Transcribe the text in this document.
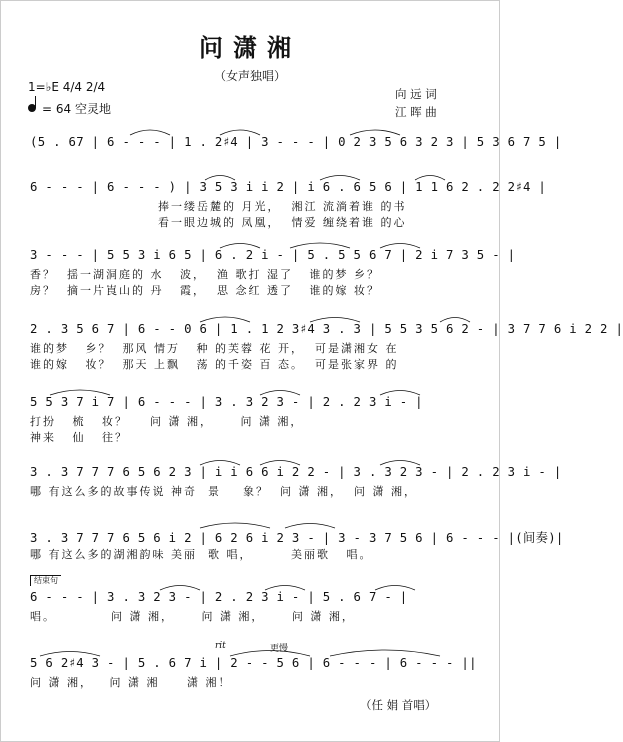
问潇湘
（女声独唱）
向 远 词
江 晖 曲
1=♭E 4/4 2/4
= 64 空灵地
(5 . 67 | 6 - - - | 1 . 2♯4 | 3 - - - | 0 2 3 5 6 3 2 3 | 5 3 6 7 5 |
6 - - - | 6 - - - ) | 3 5 3 i i 2 | i 6 . 6 5 6 | 1 1 6 2 . 2 2♯4 |
捧一缕岳麓的 月光，  湘江 流淌着谁 的书
看一眼边城的 凤凰，  情爱 缠绕着谁 的心
3 - - - | 5 5 3 i 6 5 | 6 . 2 i - | 5 . 5 5 6 7 | 2 i 7 3 5 - |
香？  揺一湖洞庭的 水   波，  渔 歌打 湿了   谁的梦 乡？
房？  摘一片崀山的 丹   霞，  思 念红 透了   谁的嫁 妆？
2 . 3 5 6 7 | 6 - - 0 6 | 1 . 1 2 3♯4 3 . 3 | 5 5 3 5 6 2 - | 3 7 7 6 i 2 2 |
谁的梦   乡？  那风 情万   种 的芙蓉 花 开，  可是潇湘女 在
谁的嫁   妆？  那天 上飘   荡 的千姿 百 态。  可是张家界 的
5 5 3 7 i 7 | 6 - - - | 3 . 3 2 3 - | 2 . 2 3 i - |
打扮   梳   妆？    问 潇 湘，     问 潇 湘，
神来   仙   往？
3 . 3 7 7 7 6 5 6 2 3 | i i 6 6 i 2 2 - | 3 . 3 2 3 - | 2 . 2 3 i - |
哪 有这么多的故事传说 神奇  景    象？  问 潇 湘，  问 潇 湘，
3 . 3 7 7 7 6 5 6 i 2 | 6 2 6 i 2 3 - | 3 - 3 7 5 6 | 6 - - - |(间奏)|
哪 有这么多的湖湘韵味 美丽  歌 唱，       美丽歌   唱。
结束句
6 - - - | 3 . 3 2 3 - | 2 . 2 3 i - | 5 . 6 7 - |
唱。          问 潇 湘，     问 潇 湘，     问 潇 湘，
rit	更慢
5 6 2♯4 3 - | 5 . 6 7 i | 2 - - 5 6 | 6 - - - | 6 - - - ||
问 潇 湘，   问 潇 湘     潇 湘！
（任 娟 首唱）
